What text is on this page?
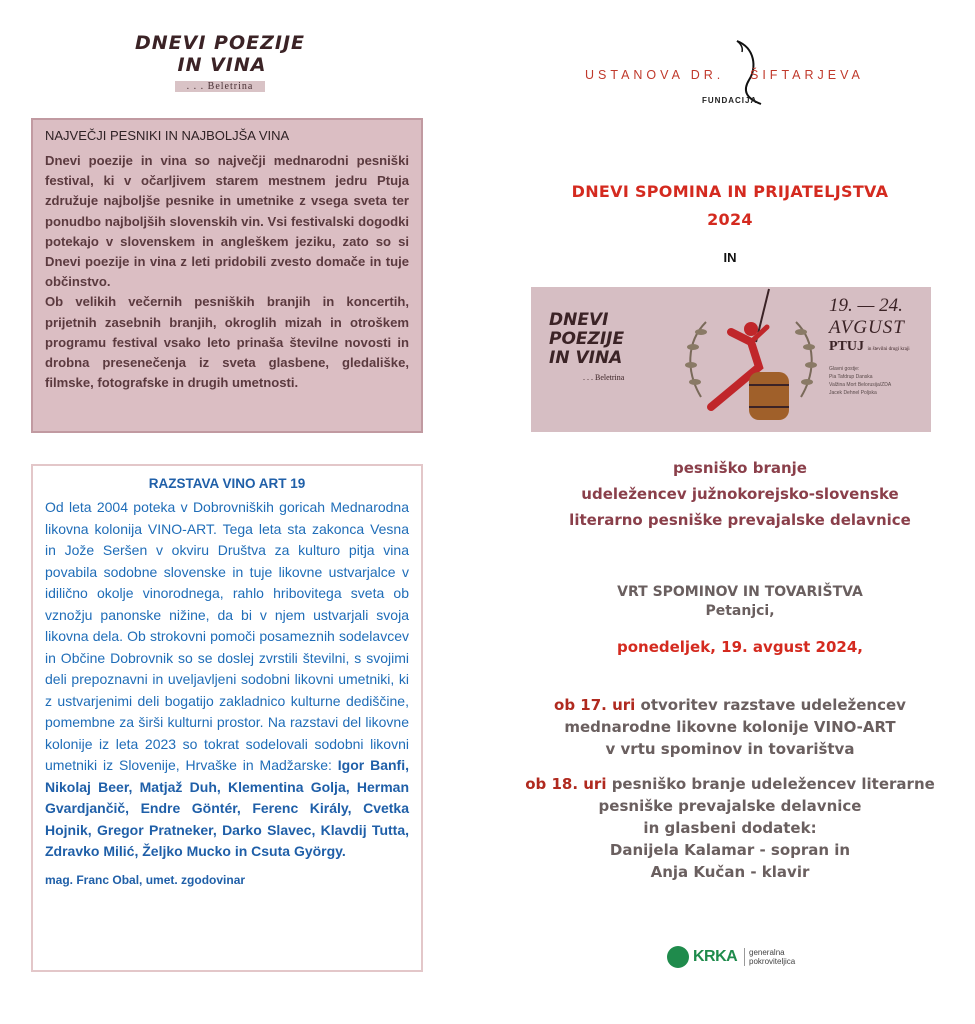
DNEVI POEZIJE
IN VINA
. . . Beletrina
NAJVEČJI PESNIKI IN NAJBOLJŠA VINA

Dnevi poezije in vina so največji mednarodni pesniški festival, ki v očarljivem starem mestnem jedru Ptuja združuje najboljše pesnike in umetnike z vsega sveta ter ponudbo najboljših slovenskih vin. Vsi festivalski dogodki potekajo v slovenskem in angleškem jeziku, zato so si Dnevi poezije in vina z leti pridobili zvesto domače in tuje občinstvo.

Ob velikih večernih pesniških branjih in koncertih, prijetnih zasebnih branjih, okroglih mizah in otroškem programu festival vsako leto prinaša številne novosti in drobna presenečenja iz sveta glasbene, gledališke, filmske, fotografske in drugih umetnosti.

RAZSTAVA VINO ART 19

Od leta 2004 poteka v Dobrovniških goricah Mednarodna likovna kolonija VINO-ART. Tega leta sta zakonca Vesna in Jože Seršen v okviru Društva za kulturo pitja vina povabila sodobne slovenske in tuje likovne ustvarjalce v idilično okolje vinorodnega, rahlo hribovitega sveta ob vznožju panonske nižine, da bi v njem ustvarjali svoja likovna dela. Ob strokovni pomoči posameznih sodelavcev in Občine Dobrovnik so se doslej zvrstili številni, s svojimi deli prepoznavni in uveljavljeni sodobni likovni umetniki, ki z ustvarjenimi deli bogatijo zakladnico kulturne dediščine, pomembne za širši kulturni prostor. Na razstavi del likovne kolonije iz leta 2023 so tokrat sodelovali sodobni likovni umetniki iz Slovenije, Hrvaške in Madžarske: Igor Banfi, Nikolaj Beer, Matjaž Duh, Klementina Golja, Herman Gvardjančič, Endre Göntér, Ferenc Király, Cvetka Hojnik, Gregor Pratneker, Darko Slavec, Klavdij Tutta, Zdravko Milić, Željko Mucko in Csuta György.

mag. Franc Obal, umet. zgodovinar
USTANOVA DR. ŠIFTARJEVA
FUNDACIJA
DNEVI SPOMINA IN PRIJATELJSTVA
2024
IN
DNEVI
POEZIJE
IN VINA
. . . Beletrina
19. — 24.
AVGUST
PTUJ in številni drugi kraji
Glavni gostje:
Pia Tafdrup Danska
Valžina Mort Belorusija/ZDA
Jacek Dehnel Poljska
pesniško branje
udeležencev južnokorejsko-slovenske
literarno pesniške prevajalske delavnice
VRT SPOMINOV IN TOVARIŠTVA
Petanjci,
ponedeljek, 19. avgust 2024,
ob 17. uri otvoritev razstave udeležencev
mednarodne likovne kolonije VINO-ART
v vrtu spominov in tovarištva
ob 18. uri pesniško branje udeležencev literarne
pesniške prevajalske delavnice
in glasbeni dodatek:
Danijela Kalamar - sopran in
Anja Kučan - klavir
KRKA	generalna
pokroviteljica
